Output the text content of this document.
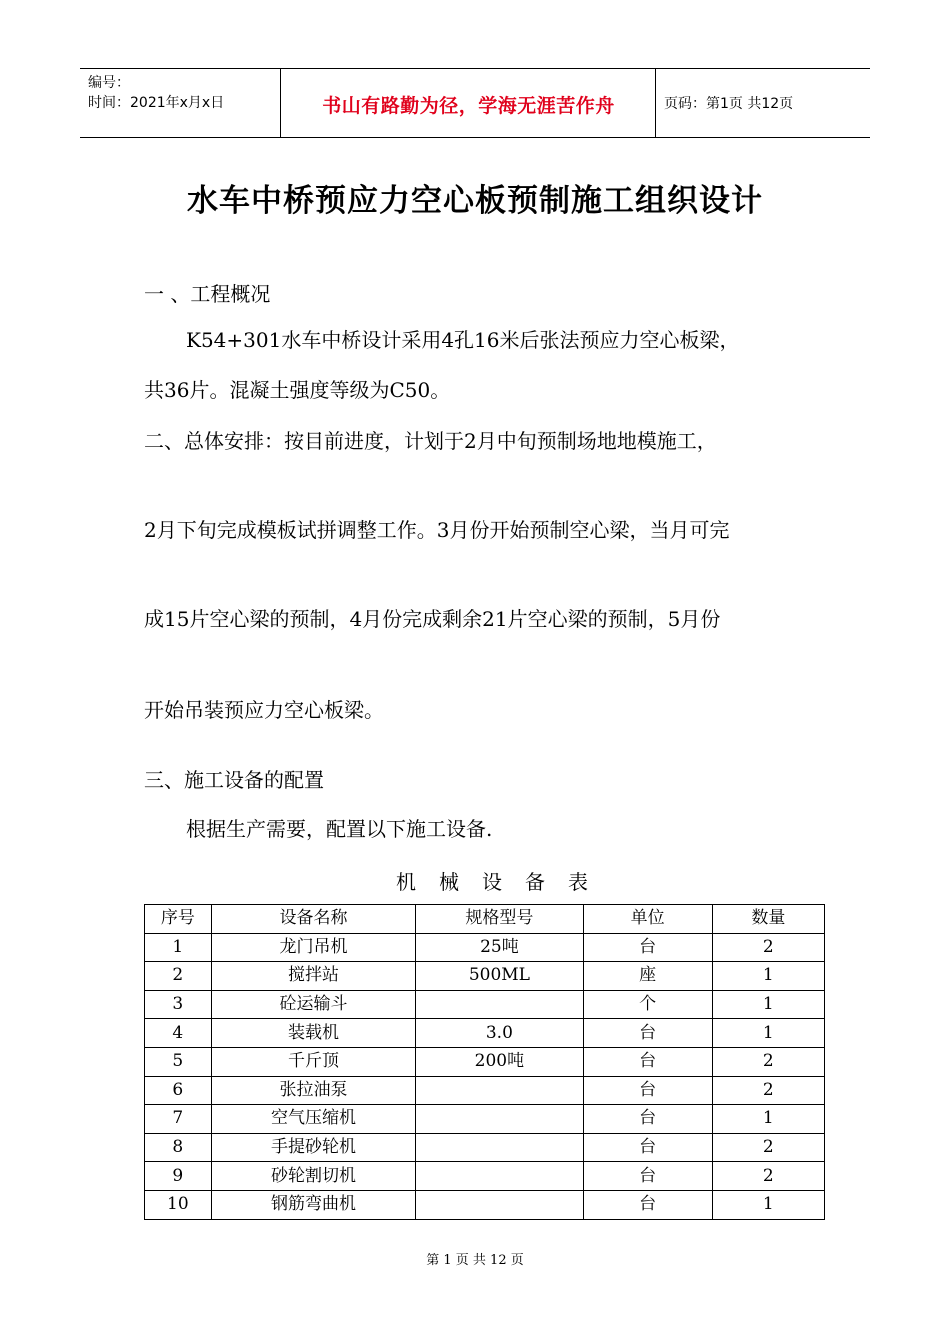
编号：
时间：2021年x月x日	书山有路勤为径，学海无涯苦作舟	页码：第1页 共12页
水车中桥预应力空心板预制施工组织设计
一 、工程概况
K54+301水车中桥设计采用4孔16米后张法预应力空心板梁，
共36片。混凝土强度等级为C50。
二、总体安排：按目前进度，计划于2月中旬预制场地地模施工，
2月下旬完成模板试拼调整工作。3月份开始预制空心梁，当月可完
成15片空心梁的预制，4月份完成剩余21片空心梁的预制，5月份
开始吊装预应力空心板梁。
三、施工设备的配置
根据生产需要，配置以下施工设备.
机 械 设 备 表
序号	设备名称	规格型号	单位	数量
1	龙门吊机	25吨	台	2
2	搅拌站	500ML	座	1
3	砼运输斗		个	1
4	装载机	3.0	台	1
5	千斤顶	200吨	台	2
6	张拉油泵		台	2
7	空气压缩机		台	1
8	手提砂轮机		台	2
9	砂轮割切机		台	2
10	钢筋弯曲机		台	1
第 1 页 共 12 页
